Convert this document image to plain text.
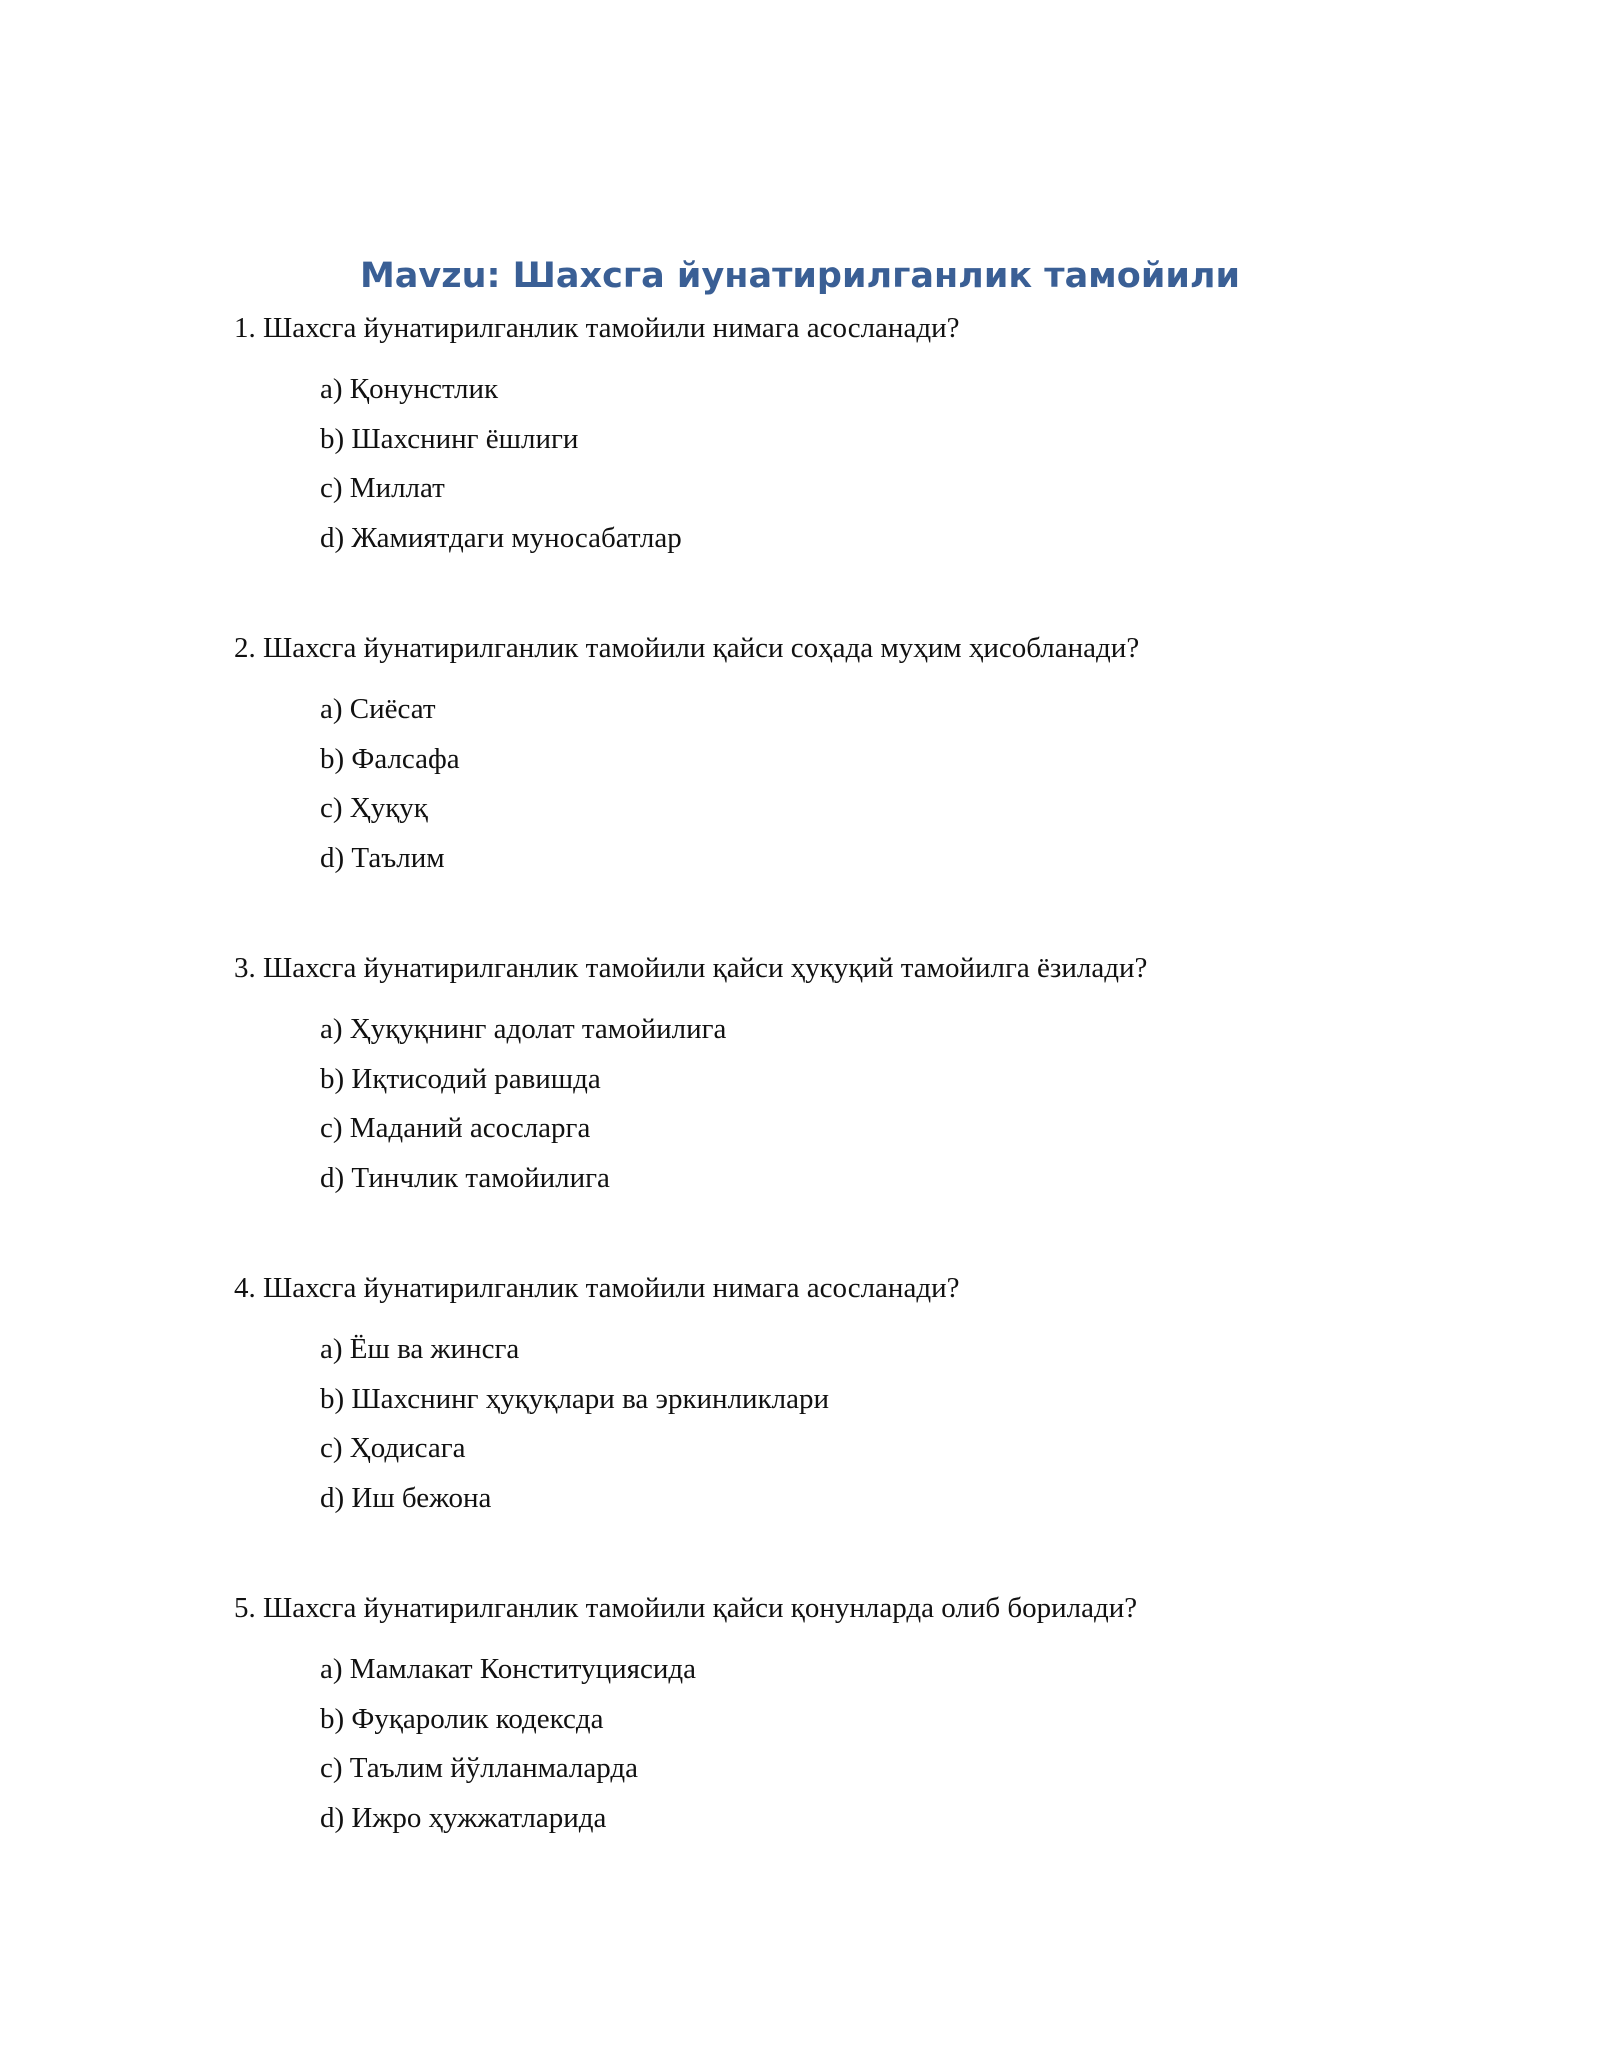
Mavzu: Шахсга йунатирилганлик тамойили
1. Шахсга йунатирилганлик тамойили нимага асосланади?
a) Қонунстлик
b) Шахснинг ёшлиги
c) Миллат
d) Жамиятдаги муносабатлар
2. Шахсга йунатирилганлик тамойили қайси соҳада муҳим ҳисобланади?
a) Сиёсат
b) Фалсафа
c) Ҳуқуқ
d) Таълим
3. Шахсга йунатирилганлик тамойили қайси ҳуқуқий тамойилга ёзилади?
a) Ҳуқуқнинг адолат тамойилига
b) Иқтисодий равишда
c) Маданий асосларга
d) Тинчлик тамойилига
4. Шахсга йунатирилганлик тамойили нимага асосланади?
a) Ёш ва жинсга
b) Шахснинг ҳуқуқлари ва эркинликлари
c) Ҳодисага
d) Иш бежона
5. Шахсга йунатирилганлик тамойили қайси қонунларда олиб борилади?
a) Мамлакат Конституциясида
b) Фуқаролик кодексда
c) Таълим йўлланмаларда
d) Ижро ҳужжатларида
